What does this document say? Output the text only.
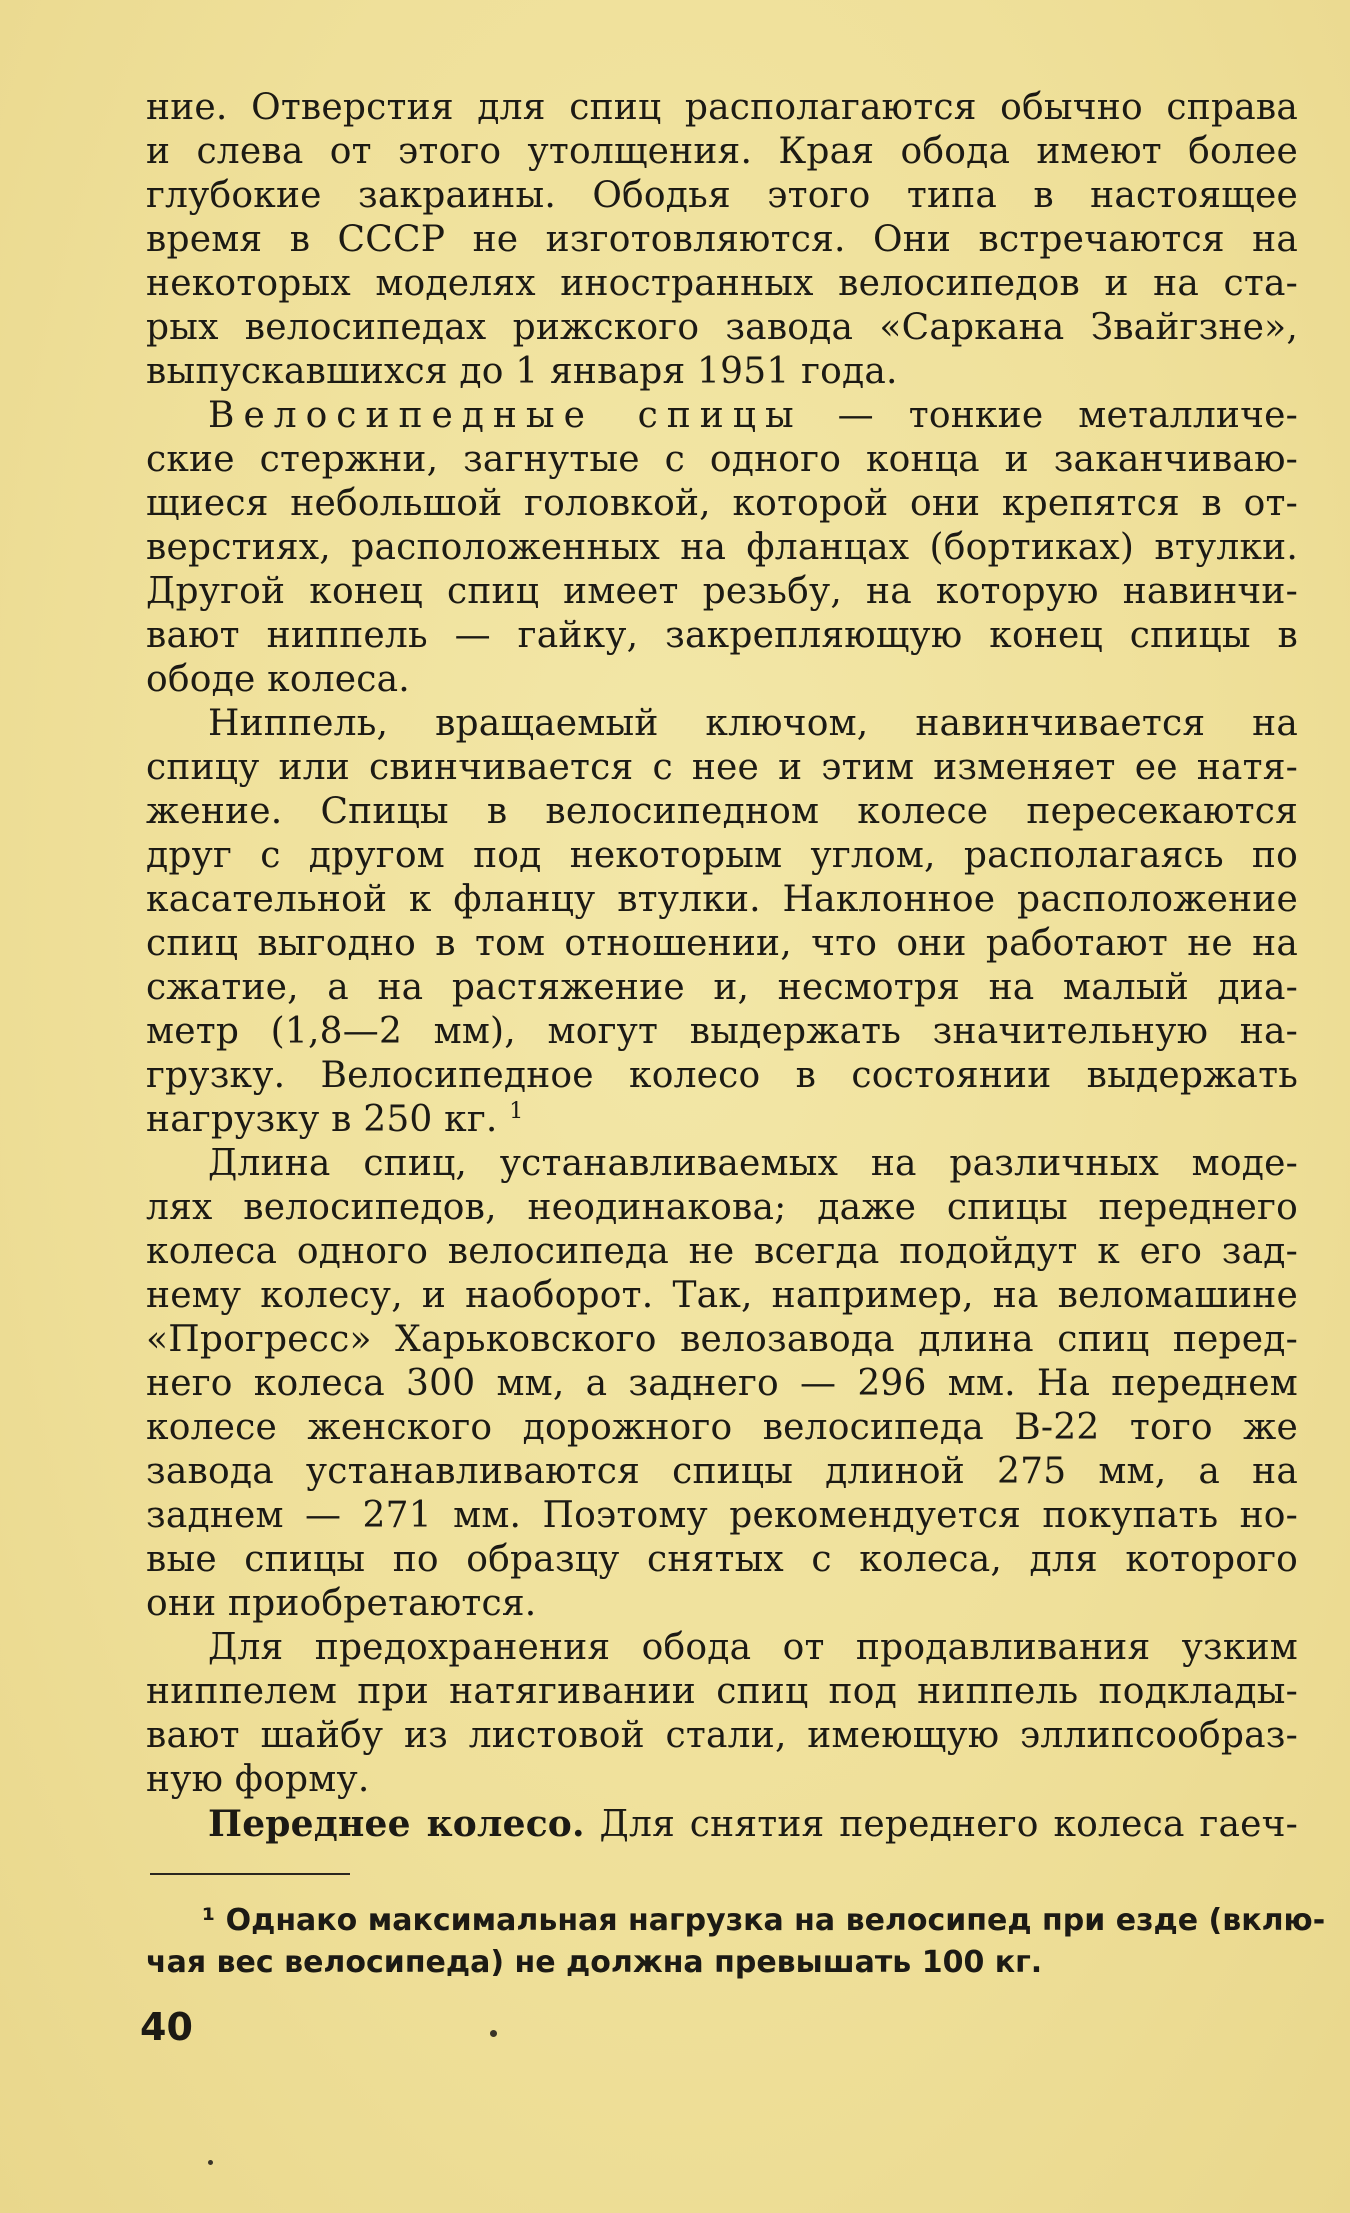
ние. Отверстия для спиц располагаются обычно справа
и слева от этого утолщения. Края обода имеют более
глубокие закраины. Ободья этого типа в настоящее
время в СССР не изготовляются. Они встречаются на
некоторых моделях иностранных велосипедов и на ста-
рых велосипедах рижского завода «Саркана Звайгзне»,
выпускавшихся до 1 января 1951 года.
Велосипедные спицы — тонкие металличе-
ские стержни, загнутые с одного конца и заканчиваю-
щиеся небольшой головкой, которой они крепятся в от-
верстиях, расположенных на фланцах (бортиках) втулки.
Другой конец спиц имеет резьбу, на которую навинчи-
вают ниппель — гайку, закрепляющую конец спицы в
ободе колеса.
Ниппель, вращаемый ключом, навинчивается на
спицу или свинчивается с нее и этим изменяет ее натя-
жение. Спицы в велосипедном колесе пересекаются
друг с другом под некоторым углом, располагаясь по
касательной к фланцу втулки. Наклонное расположение
спиц выгодно в том отношении, что они работают не на
сжатие, а на растяжение и, несмотря на малый диа-
метр (1,8—2 мм), могут выдержать значительную на-
грузку. Велосипедное колесо в состоянии выдержать
нагрузку в 250 кг. $^1$
Длина спиц, устанавливаемых на различных моде-
лях велосипедов, неодинакова; даже спицы переднего
колеса одного велосипеда не всегда подойдут к его зад-
нему колесу, и наоборот. Так, например, на веломашине
«Прогресс» Харьковского велозавода длина спиц перед-
него колеса 300 мм, а заднего — 296 мм. На переднем
колесе женского дорожного велосипеда В-22 того же
завода устанавливаются спицы длиной 275 мм, а на
заднем — 271 мм. Поэтому рекомендуется покупать но-
вые спицы по образцу снятых с колеса, для которого
они приобретаются.
Для предохранения обода от продавливания узким
ниппелем при натягивании спиц под ниппель подклады-
вают шайбу из листовой стали, имеющую эллипсообраз-
ную форму.
Переднее колесо. Для снятия переднего колеса гаеч-
¹ Однако максимальная нагрузка на велосипед при езде (вклю-
чая вес велосипеда) не должна превышать 100 кг.
40
